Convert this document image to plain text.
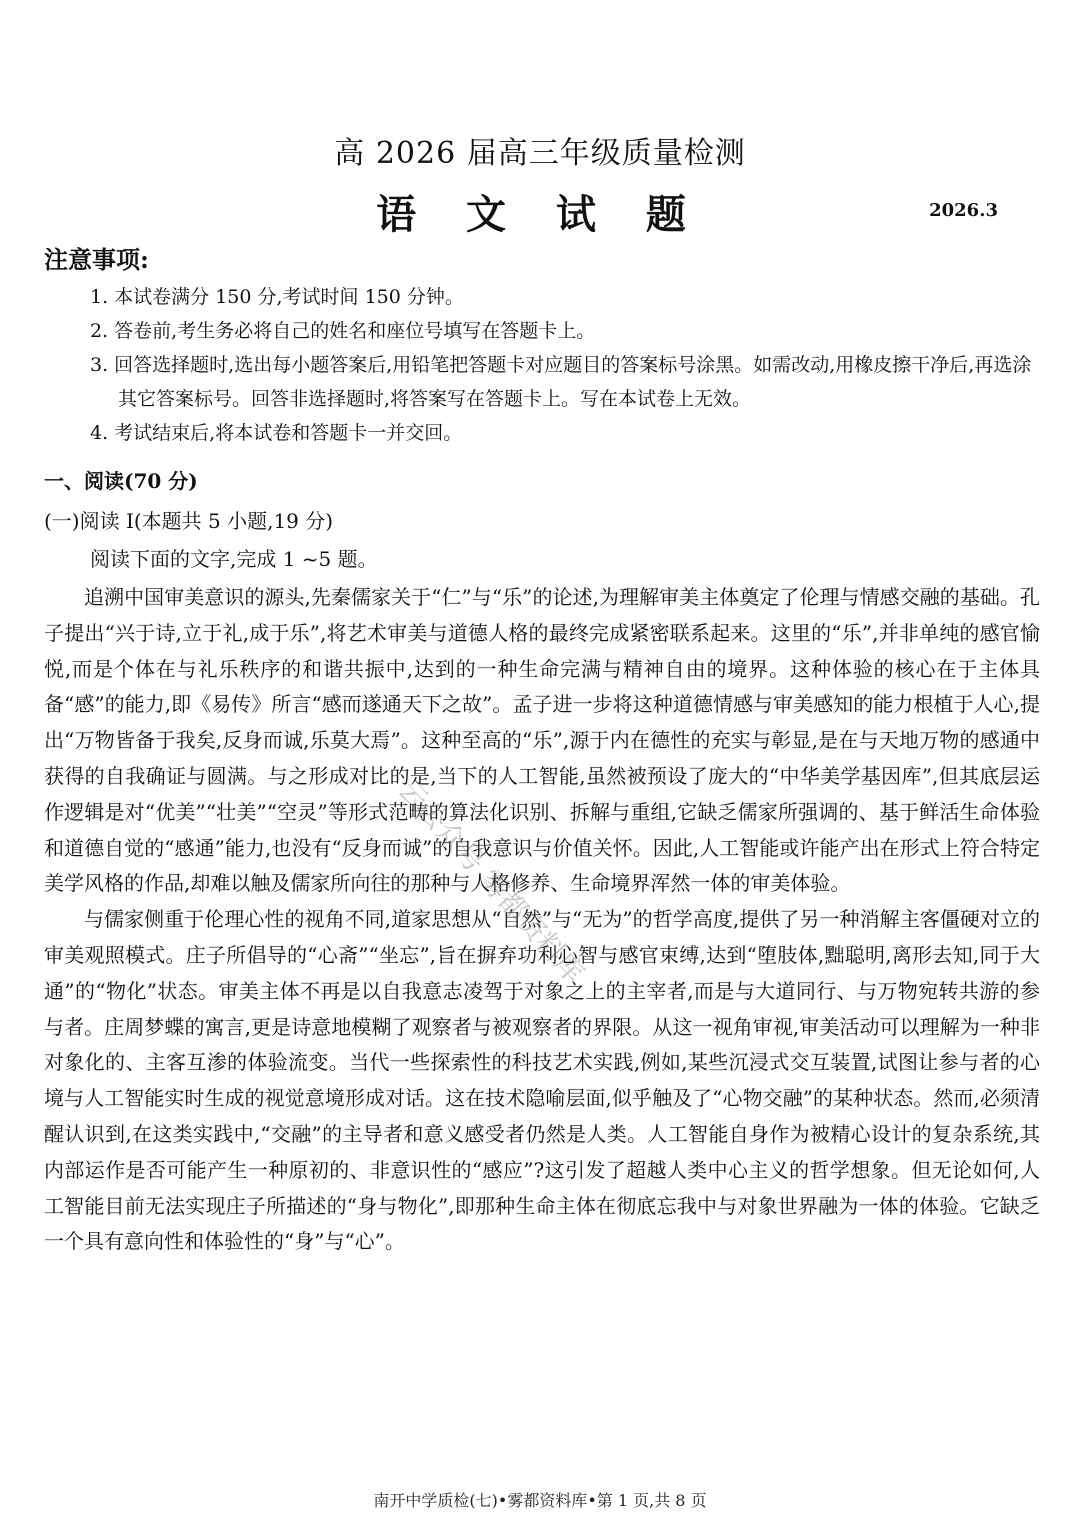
高 2026 届高三年级质量检测
语 文 试 题	2026.3
注意事项:
1. 本试卷满分 150 分,考试时间 150 分钟。
2. 答卷前,考生务必将自己的姓名和座位号填写在答题卡上。
3. 回答选择题时,选出每小题答案后,用铅笔把答题卡对应题目的答案标号涂黑。如需改动,用橡皮擦干净后,再选涂其它答案标号。回答非选择题时,将答案写在答题卡上。写在本试卷上无效。
4. 考试结束后,将本试卷和答题卡一并交回。
一、阅读(70 分)
(一)阅读 I(本题共 5 小题,19 分)
阅读下面的文字,完成 1 ~5 题。

追溯中国审美意识的源头,先秦儒家关于“仁”与“乐”的论述,为理解审美主体奠定了伦理与情感交融的基础。孔子提出“兴于诗,立于礼,成于乐”,将艺术审美与道德人格的最终完成紧密联系起来。这里的“乐”,并非单纯的感官愉悦,而是个体在与礼乐秩序的和谐共振中,达到的一种生命完满与精神自由的境界。这种体验的核心在于主体具备“感”的能力,即《易传》所言“感而遂通天下之故”。孟子进一步将这种道德情感与审美感知的能力根植于人心,提出“万物皆备于我矣,反身而诚,乐莫大焉”。这种至高的“乐”,源于内在德性的充实与彰显,是在与天地万物的感通中获得的自我确证与圆满。与之形成对比的是,当下的人工智能,虽然被预设了庞大的“中华美学基因库”,但其底层运作逻辑是对“优美”“壮美”“空灵”等形式范畴的算法化识别、拆解与重组,它缺乏儒家所强调的、基于鲜活生命体验和道德自觉的“感通”能力,也没有“反身而诚”的自我意识与价值关怀。因此,人工智能或许能产出在形式上符合特定美学风格的作品,却难以触及儒家所向往的那种与人格修养、生命境界浑然一体的审美体验。

与儒家侧重于伦理心性的视角不同,道家思想从“自然”与“无为”的哲学高度,提供了另一种消解主客僵硬对立的审美观照模式。庄子所倡导的“心斋”“坐忘”,旨在摒弃功利心智与感官束缚,达到“堕肢体,黜聪明,离形去知,同于大通”的“物化”状态。审美主体不再是以自我意志凌驾于对象之上的主宰者,而是与大道同行、与万物宛转共游的参与者。庄周梦蝶的寓言,更是诗意地模糊了观察者与被观察者的界限。从这一视角审视,审美活动可以理解为一种非对象化的、主客互渗的体验流变。当代一些探索性的科技艺术实践,例如,某些沉浸式交互装置,试图让参与者的心境与人工智能实时生成的视觉意境形成对话。这在技术隐喻层面,似乎触及了“心物交融”的某种状态。然而,必须清醒认识到,在这类实践中,“交融”的主导者和意义感受者仍然是人类。人工智能自身作为被精心设计的复杂系统,其内部运作是否可能产生一种原初的、非意识性的“感应”?这引发了超越人类中心主义的哲学想象。但无论如何,人工智能目前无法实现庄子所描述的“身与物化”,即那种生命主体在彻底忘我中与对象世界融为一体的体验。它缺乏一个具有意向性和体验性的“身”与“心”。

云公众号 雾都资料库
南开中学质检(七)•雾都资料库•第 1 页,共 8 页
